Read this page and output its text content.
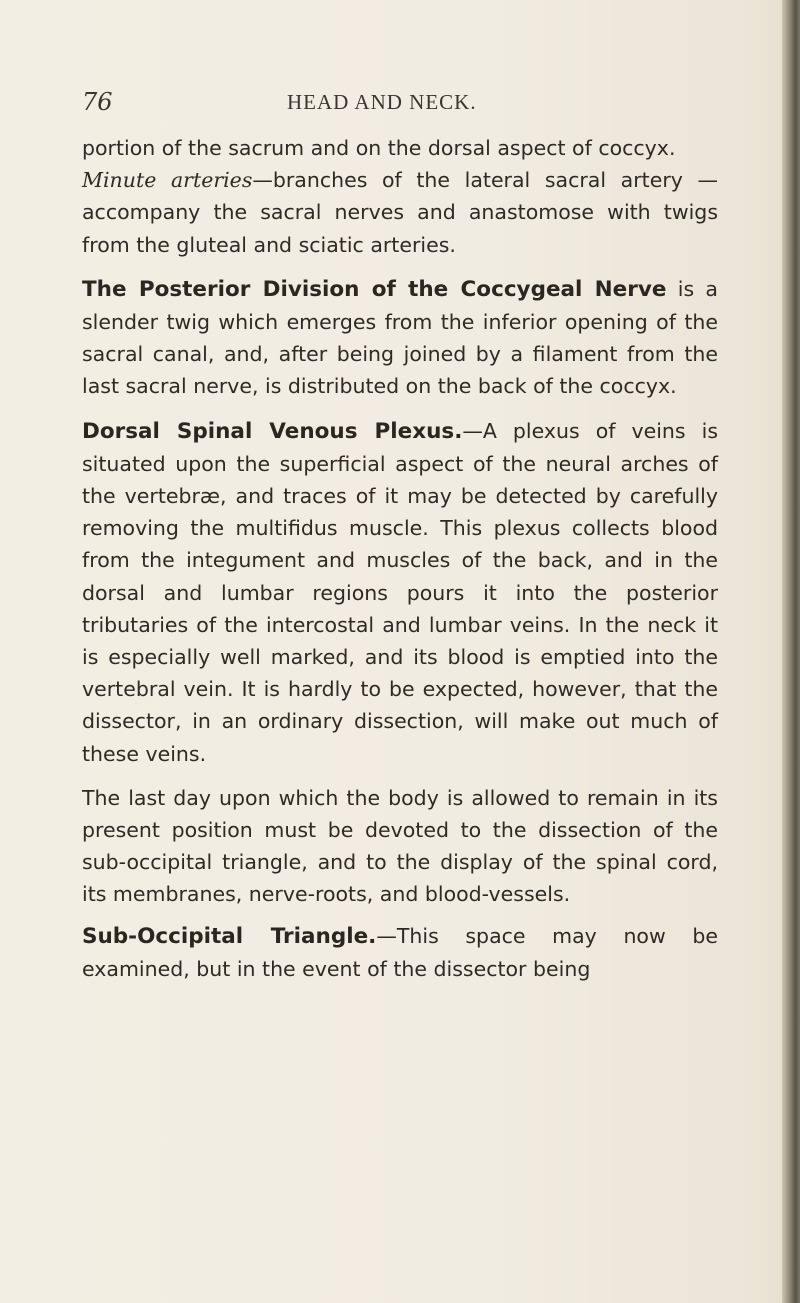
76	HEAD AND NECK.

portion of the sacrum and on the dorsal aspect of coccyx.

Minute arteries—branches of the lateral sacral artery —accompany the sacral nerves and anastomose with twigs from the gluteal and sciatic arteries.

The Posterior Division of the Coccygeal Nerve is a slender twig which emerges from the inferior opening of the sacral canal, and, after being joined by a filament from the last sacral nerve, is distributed on the back of the coccyx.

Dorsal Spinal Venous Plexus.—A plexus of veins is situated upon the superficial aspect of the neural arches of the vertebræ, and traces of it may be detected by carefully removing the multifidus muscle. This plexus collects blood from the integument and muscles of the back, and in the dorsal and lumbar regions pours it into the posterior tributaries of the intercostal and lumbar veins. In the neck it is especially well marked, and its blood is emptied into the vertebral vein. It is hardly to be expected, however, that the dissector, in an ordinary dissection, will make out much of these veins.

The last day upon which the body is allowed to remain in its present position must be devoted to the dissection of the sub-occipital triangle, and to the display of the spinal cord, its membranes, nerve-roots, and blood-vessels.

Sub-Occipital Triangle.—This space may now be examined, but in the event of the dissector being
